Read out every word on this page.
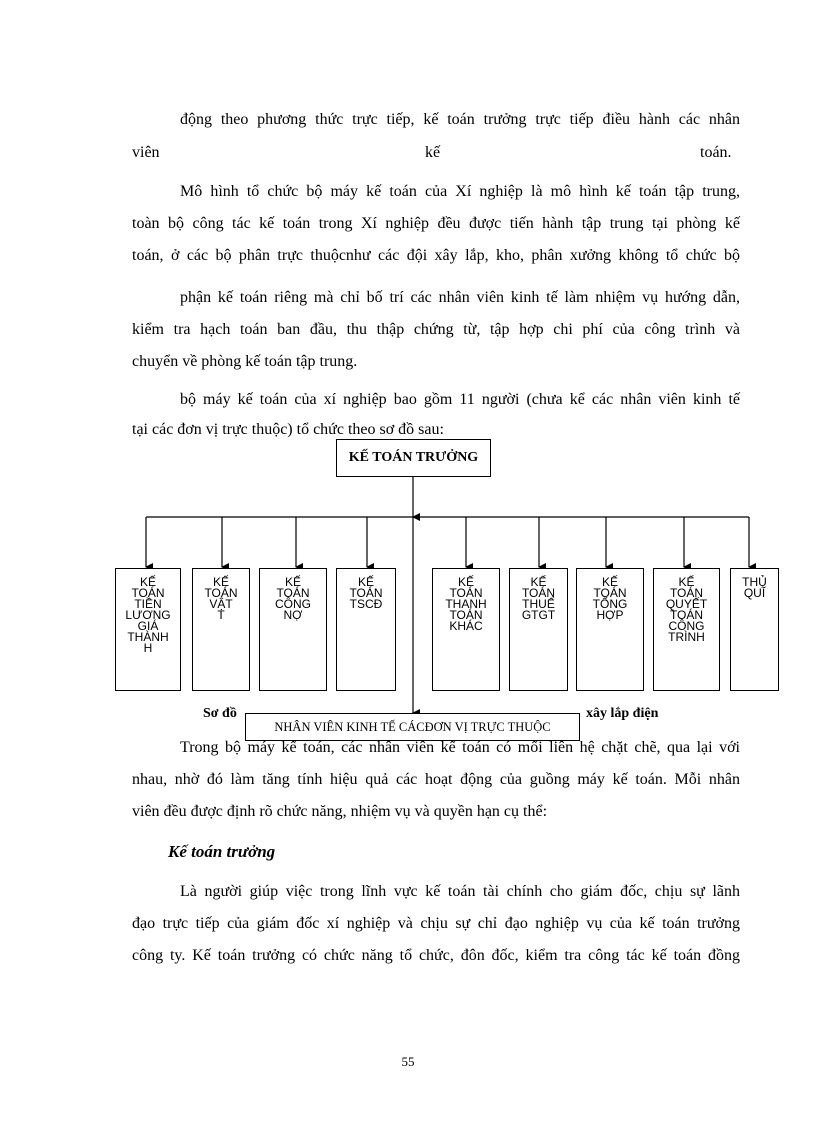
động theo phương thức trực tiếp, kế toán trưởng trực tiếp điều hành các nhân
viên	kế	toán.
Mô hình tổ chức bộ máy kế toán của Xí nghiệp là mô hình kế toán tập trung,
toàn bộ công tác kế toán trong Xí nghiệp đều được tiến hành tập trung tại phòng kế
toán, ở các bộ phân trực thuộcnhư các đội xây lắp, kho, phân xưởng không tổ chức bộ
phận kế toán riêng mà chỉ bố trí các nhân viên kinh tế làm nhiệm vụ hướng dẫn,
kiểm tra hạch toán ban đầu, thu thập chứng từ, tập hợp chi phí của công trình và
chuyển về phòng kế toán tập trung.
bộ máy kế toán của xí nghiệp bao gồm 11 người (chưa kể các nhân viên kinh tế
tại các đơn vị trực thuộc) tổ chức theo sơ đồ sau:
KẾ TOÁN TRƯỞNG
KẾ TOÁN TIỀN LƯƠNG GIÁ THÀNH H
KẾ TOÁN VẬT T
KẾ TOÁN CÔNG NỢ
KẾ TOÁN TSCĐ
KẾ TOÁN THANH TOÁN KHÁC
KẾ TOÁN THUẾ GTGT
KẾ TOÁN TỔNG HỢP
KẾ TOÁN QUYẾT TOÁN CÔNG TRÌNH
THỦ QUĨ
Sơ đồ	xây lắp điện
NHÂN VIÊN KINH TẾ CÁCĐƠN VỊ TRỰC THUỘC
Trong bộ máy kế toán, các nhân viên kế toán có mối liên hệ chặt chẽ, qua lại với
nhau, nhờ đó làm tăng tính hiệu quả các hoạt động của guồng máy kế toán. Mỗi nhân
viên đều được định rõ chức năng, nhiệm vụ và quyền hạn cụ thể:
Kế toán trưởng
Là người giúp việc trong lĩnh vực kế toán tài chính cho giám đốc, chịu sự lãnh
đạo trực tiếp của giám đốc xí nghiệp và chịu sự chỉ đạo nghiệp vụ của kế toán trưởng
công ty. Kế toán trưởng có chức năng tổ chức, đôn đốc, kiểm tra công tác kế toán đồng
55
